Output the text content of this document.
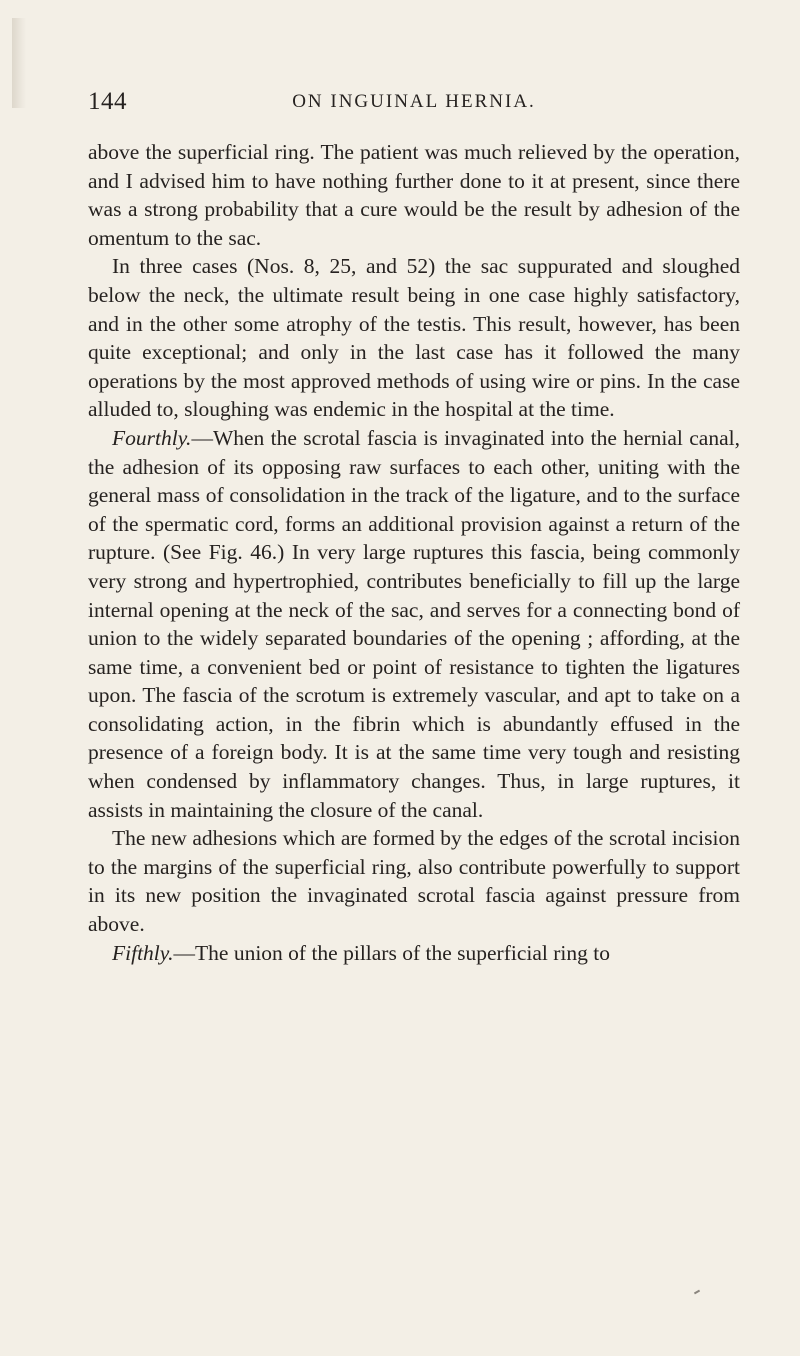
144	ON INGUINAL HERNIA.

above the superficial ring. The patient was much relieved by the operation, and I advised him to have nothing further done to it at present, since there was a strong probability that a cure would be the result by adhesion of the omentum to the sac.

In three cases (Nos. 8, 25, and 52) the sac suppurated and sloughed below the neck, the ultimate result being in one case highly satisfactory, and in the other some atrophy of the testis. This result, however, has been quite exceptional; and only in the last case has it followed the many operations by the most approved methods of using wire or pins. In the case alluded to, sloughing was endemic in the hospital at the time.

Fourthly.—When the scrotal fascia is invaginated into the hernial canal, the adhesion of its opposing raw surfaces to each other, uniting with the general mass of consolidation in the track of the ligature, and to the surface of the spermatic cord, forms an additional provision against a return of the rupture. (See Fig. 46.) In very large ruptures this fascia, being commonly very strong and hypertrophied, contributes beneficially to fill up the large internal opening at the neck of the sac, and serves for a connecting bond of union to the widely separated boundaries of the opening ; affording, at the same time, a convenient bed or point of resistance to tighten the ligatures upon. The fascia of the scrotum is extremely vascular, and apt to take on a consolidating action, in the fibrin which is abundantly effused in the presence of a foreign body. It is at the same time very tough and resisting when condensed by inflammatory changes. Thus, in large ruptures, it assists in maintaining the closure of the canal.

The new adhesions which are formed by the edges of the scrotal incision to the margins of the superficial ring, also contribute powerfully to support in its new position the invaginated scrotal fascia against pressure from above.

Fifthly.—The union of the pillars of the superficial ring to
